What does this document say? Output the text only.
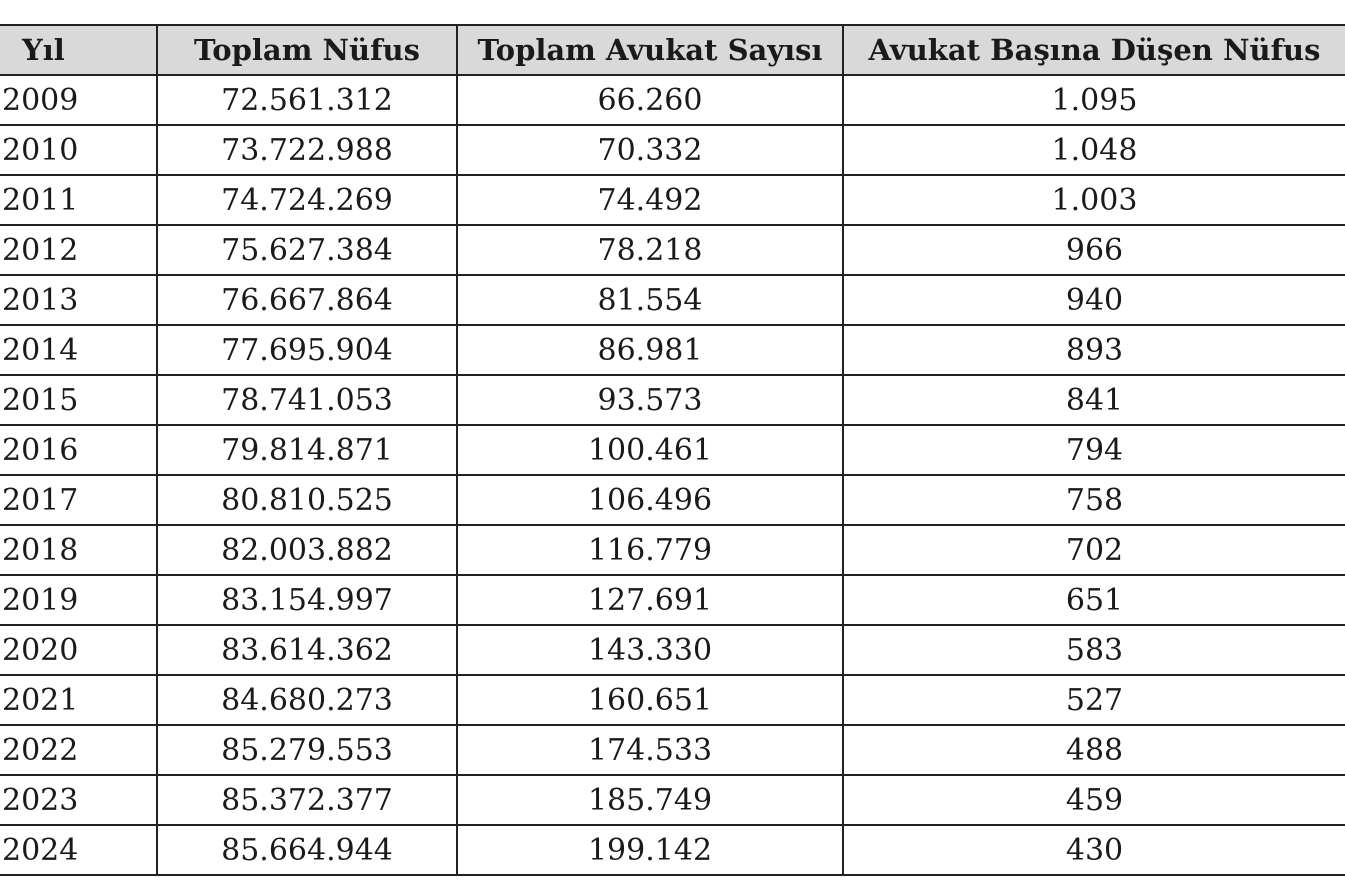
Yıl	Toplam Nüfus	Toplam Avukat Sayısı	Avukat Başına Düşen Nüfus
2009	72.561.312	66.260	1.095
2010	73.722.988	70.332	1.048
2011	74.724.269	74.492	1.003
2012	75.627.384	78.218	966
2013	76.667.864	81.554	940
2014	77.695.904	86.981	893
2015	78.741.053	93.573	841
2016	79.814.871	100.461	794
2017	80.810.525	106.496	758
2018	82.003.882	116.779	702
2019	83.154.997	127.691	651
2020	83.614.362	143.330	583
2021	84.680.273	160.651	527
2022	85.279.553	174.533	488
2023	85.372.377	185.749	459
2024	85.664.944	199.142	430
